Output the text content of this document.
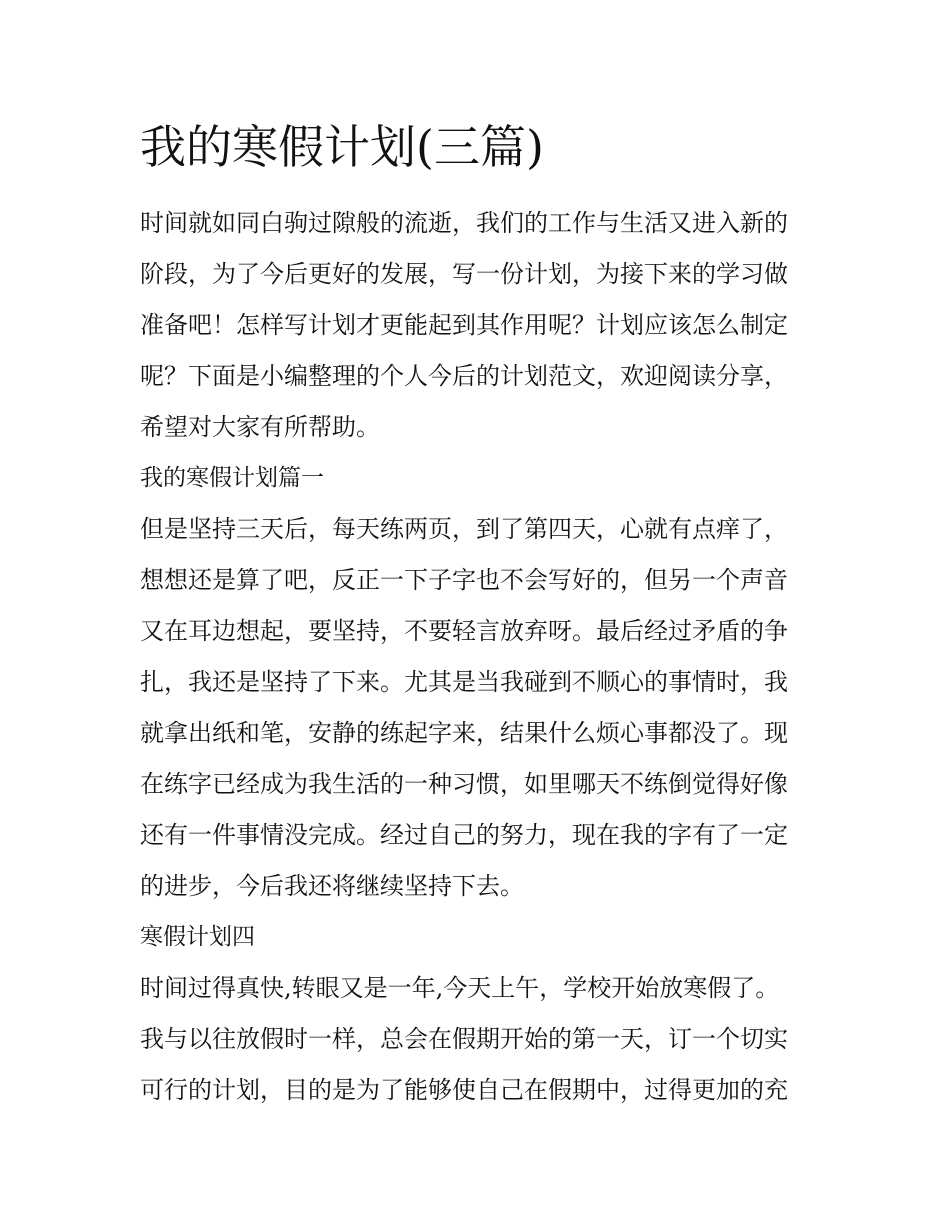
我的寒假计划(三篇)
时间就如同白驹过隙般的流逝，我们的工作与生活又进入新的
阶段，为了今后更好的发展，写一份计划，为接下来的学习做
准备吧！怎样写计划才更能起到其作用呢？计划应该怎么制定
呢？下面是小编整理的个人今后的计划范文，欢迎阅读分享，
希望对大家有所帮助。
我的寒假计划篇一
但是坚持三天后，每天练两页，到了第四天，心就有点痒了，
想想还是算了吧，反正一下子字也不会写好的，但另一个声音
又在耳边想起，要坚持，不要轻言放弃呀。最后经过矛盾的争
扎，我还是坚持了下来。尤其是当我碰到不顺心的事情时，我
就拿出纸和笔，安静的练起字来，结果什么烦心事都没了。现
在练字已经成为我生活的一种习惯，如里哪天不练倒觉得好像
还有一件事情没完成。经过自己的努力，现在我的字有了一定
的进步，今后我还将继续坚持下去。
寒假计划四
时间过得真快,转眼又是一年,今天上午，学校开始放寒假了。
我与以往放假时一样，总会在假期开始的第一天，订一个切实
可行的计划，目的是为了能够使自己在假期中，过得更加的充
